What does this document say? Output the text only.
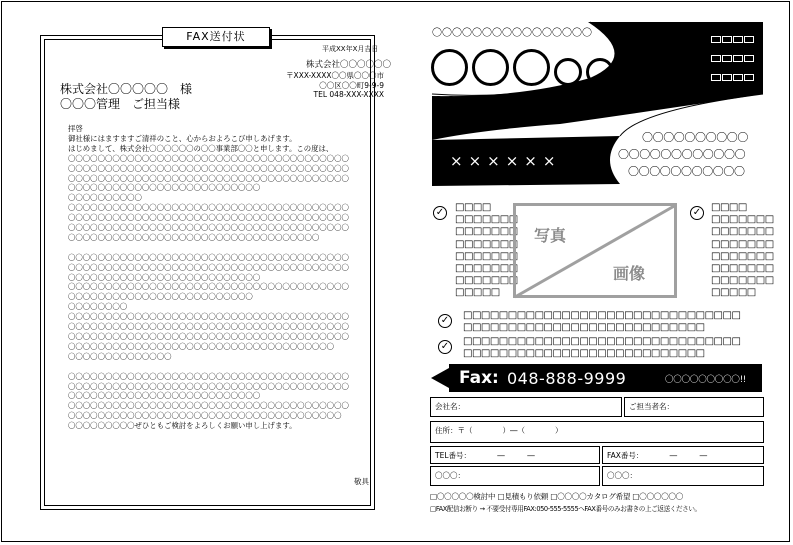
FAX送付状
平成XX年X月吉日
株式会社〇〇〇〇〇〇
〒XXX-XXXX〇〇県〇〇〇市
〇〇区〇〇町9-9-9
TEL 048-XXX-XXXX
株式会社〇〇〇〇〇　様
〇〇〇管理　ご担当様
拝啓
御社様にはますますご清祥のこと、心からおよろこび申しあげます。
はじめまして、株式会社〇〇〇〇〇〇の〇〇事業部〇〇と申します。この度は、
〇〇〇〇〇〇〇〇〇〇〇〇〇〇〇〇〇〇〇〇〇〇〇〇〇〇〇〇〇〇〇〇〇〇〇〇〇〇
〇〇〇〇〇〇〇〇〇〇〇〇〇〇〇〇〇〇〇〇〇〇〇〇〇〇〇〇〇〇〇〇〇〇〇〇〇〇
〇〇〇〇〇〇〇〇〇〇〇〇〇〇〇〇〇〇〇〇〇〇〇〇〇〇〇〇〇〇〇〇〇〇〇〇〇〇
〇〇〇〇〇〇〇〇〇〇〇〇〇〇〇〇〇〇〇〇〇〇〇〇〇〇
〇〇〇〇〇〇〇〇〇〇
〇〇〇〇〇〇〇〇〇〇〇〇〇〇〇〇〇〇〇〇〇〇〇〇〇〇〇〇〇〇〇〇〇〇〇〇〇〇
〇〇〇〇〇〇〇〇〇〇〇〇〇〇〇〇〇〇〇〇〇〇〇〇〇〇〇〇〇〇〇〇〇〇〇〇〇〇
〇〇〇〇〇〇〇〇〇〇〇〇〇〇〇〇〇〇〇〇〇〇〇〇〇〇〇〇〇〇〇〇〇〇〇〇〇〇
〇〇〇〇〇〇〇〇〇〇〇〇〇〇〇〇〇〇〇〇〇〇〇〇〇〇〇〇〇〇〇〇〇〇
〇〇〇〇〇〇〇〇〇〇〇〇〇〇〇〇〇〇〇〇〇〇〇〇〇〇〇〇〇〇〇〇〇〇〇〇〇〇
〇〇〇〇〇〇〇〇〇〇〇〇〇〇〇〇〇〇〇〇〇〇〇〇〇〇〇〇〇〇〇〇〇〇〇〇〇〇
〇〇〇〇〇〇〇〇〇〇〇〇〇〇〇〇〇〇〇〇〇〇〇〇〇〇
〇〇〇〇〇〇〇〇〇〇〇〇〇〇〇〇〇〇〇〇〇〇〇〇〇〇〇〇〇〇〇〇〇〇〇〇〇〇
〇〇〇〇〇〇〇〇〇〇〇〇〇〇〇〇〇〇〇〇〇〇〇〇〇
〇〇〇〇〇〇〇〇
〇〇〇〇〇〇〇〇〇〇〇〇〇〇〇〇〇〇〇〇〇〇〇〇〇〇〇〇〇〇〇〇〇〇〇〇〇〇
〇〇〇〇〇〇〇〇〇〇〇〇〇〇〇〇〇〇〇〇〇〇〇〇〇〇〇〇〇〇〇〇〇〇〇〇〇〇
〇〇〇〇〇〇〇〇〇〇〇〇〇〇〇〇〇〇〇〇〇〇〇〇〇〇〇〇〇〇〇〇〇〇〇〇〇〇
〇〇〇〇〇〇〇〇〇〇〇〇〇〇〇〇〇〇〇〇〇〇〇〇〇〇〇〇〇〇〇〇〇〇〇〇
〇〇〇〇〇〇〇〇〇〇〇〇〇〇
〇〇〇〇〇〇〇〇〇〇〇〇〇〇〇〇〇〇〇〇〇〇〇〇〇〇〇〇〇〇〇〇〇〇〇〇〇〇
〇〇〇〇〇〇〇〇〇〇〇〇〇〇〇〇〇〇〇〇〇〇〇〇〇〇〇〇〇〇〇〇〇〇〇〇〇〇
〇〇〇〇〇〇〇〇〇〇〇〇〇〇〇〇〇〇〇〇〇〇〇〇〇〇
〇〇〇〇〇〇〇〇〇〇〇〇〇〇〇〇〇〇〇〇〇〇〇〇〇〇〇〇〇〇〇〇〇〇〇〇〇〇
〇〇〇〇〇〇〇〇〇〇〇〇〇〇〇〇〇〇〇〇〇〇〇〇〇〇〇〇〇〇〇〇〇〇〇〇〇
〇〇〇〇〇〇〇〇〇ぜひともご検討をよろしくお願い申し上げます。
敬具
〇〇〇〇〇〇〇〇〇〇〇〇〇〇〇〇
〇〇〇〇〇〇〇〇〇〇〇〇〇〇〇〇〇
〇〇〇〇〇
××××××
〇〇〇〇〇〇〇〇〇〇
〇〇〇〇〇〇〇〇〇〇〇〇
〇〇〇〇〇〇〇〇〇〇〇
✓ □□□□
□□□□□□□
□□□□□□□
□□□□□□□
□□□□□□□
□□□□□□□
□□□□□□□
□□□□□
写真
画像
✓ □□□□
□□□□□□□
□□□□□□□
□□□□□□□
□□□□□□□
□□□□□□□
□□□□□□□
□□□□□
✓ □□□□□□□□□□□□□□□□□□□□□□□□□□□□□□□
□□□□□□□□□□□□□□□□□□□□□□□□□□□
✓ □□□□□□□□□□□□□□□□□□□□□□□□□□□□□□□
□□□□□□□□□□□□□□□□□□□□□□□□□□□
Fax: 048-888-9999	〇〇〇〇〇〇〇〇〇!!
会社名：	ご担当者名：
住所：〒（　　　　）―（　　　　）
TEL番号：　　　　―　　　―	FAX番号：　　　　―　　　―
〇〇〇：	〇〇〇：
□〇〇〇〇〇検討中 □見積もり依頼 □〇〇〇〇カタログ希望 □〇〇〇〇〇〇
□FAX配信お断り → 不要受付専用FAX:050-555-5555へFAX番号のみお書きの上ご返送ください。
